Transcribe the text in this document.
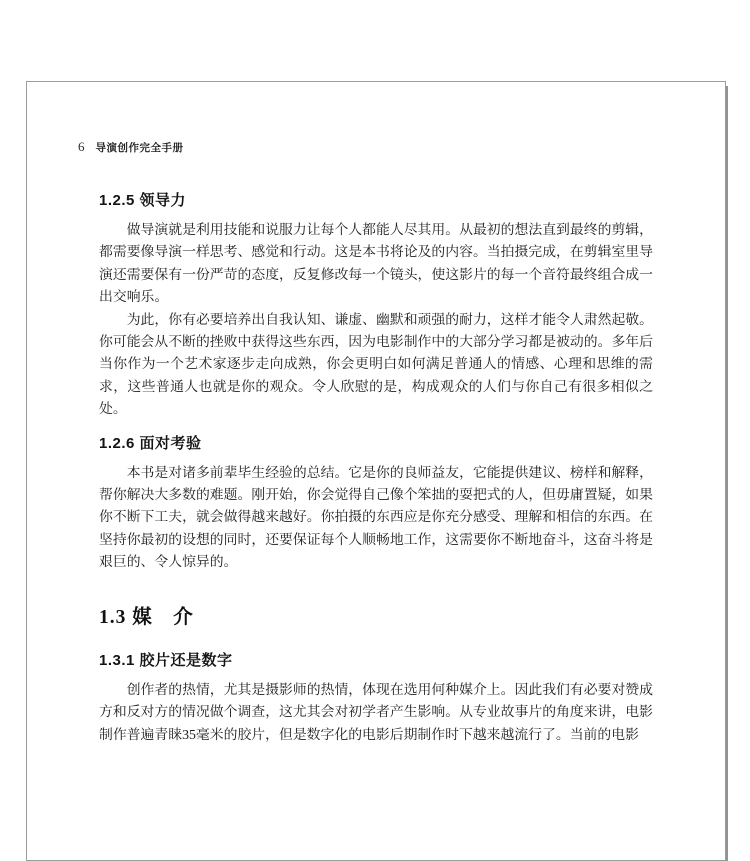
6 导演创作完全手册
1.2.5 领导力

做导演就是利用技能和说服力让每个人都能人尽其用。从最初的想法直到最终的剪辑，都需要像导演一样思考、感觉和行动。这是本书将论及的内容。当拍摄完成，在剪辑室里导演还需要保有一份严苛的态度，反复修改每一个镜头，使这影片的每一个音符最终组合成一出交响乐。

为此，你有必要培养出自我认知、谦虚、幽默和顽强的耐力，这样才能令人肃然起敬。你可能会从不断的挫败中获得这些东西，因为电影制作中的大部分学习都是被动的。多年后当你作为一个艺术家逐步走向成熟，你会更明白如何满足普通人的情感、心理和思维的需求，这些普通人也就是你的观众。令人欣慰的是，构成观众的人们与你自己有很多相似之处。

1.2.6 面对考验

本书是对诸多前辈毕生经验的总结。它是你的良师益友，它能提供建议、榜样和解释，帮你解决大多数的难题。刚开始，你会觉得自己像个笨拙的耍把式的人，但毋庸置疑，如果你不断下工夫，就会做得越来越好。你拍摄的东西应是你充分感受、理解和相信的东西。在坚持你最初的设想的同时，还要保证每个人顺畅地工作，这需要你不断地奋斗，这奋斗将是艰巨的、令人惊异的。

1.3 媒　介
1.3.1 胶片还是数字

创作者的热情，尤其是摄影师的热情，体现在选用何种媒介上。因此我们有必要对赞成方和反对方的情况做个调查，这尤其会对初学者产生影响。从专业故事片的角度来讲，电影制作普遍青睐35毫米的胶片，但是数字化的电影后期制作时下越来越流行了。当前的电影
